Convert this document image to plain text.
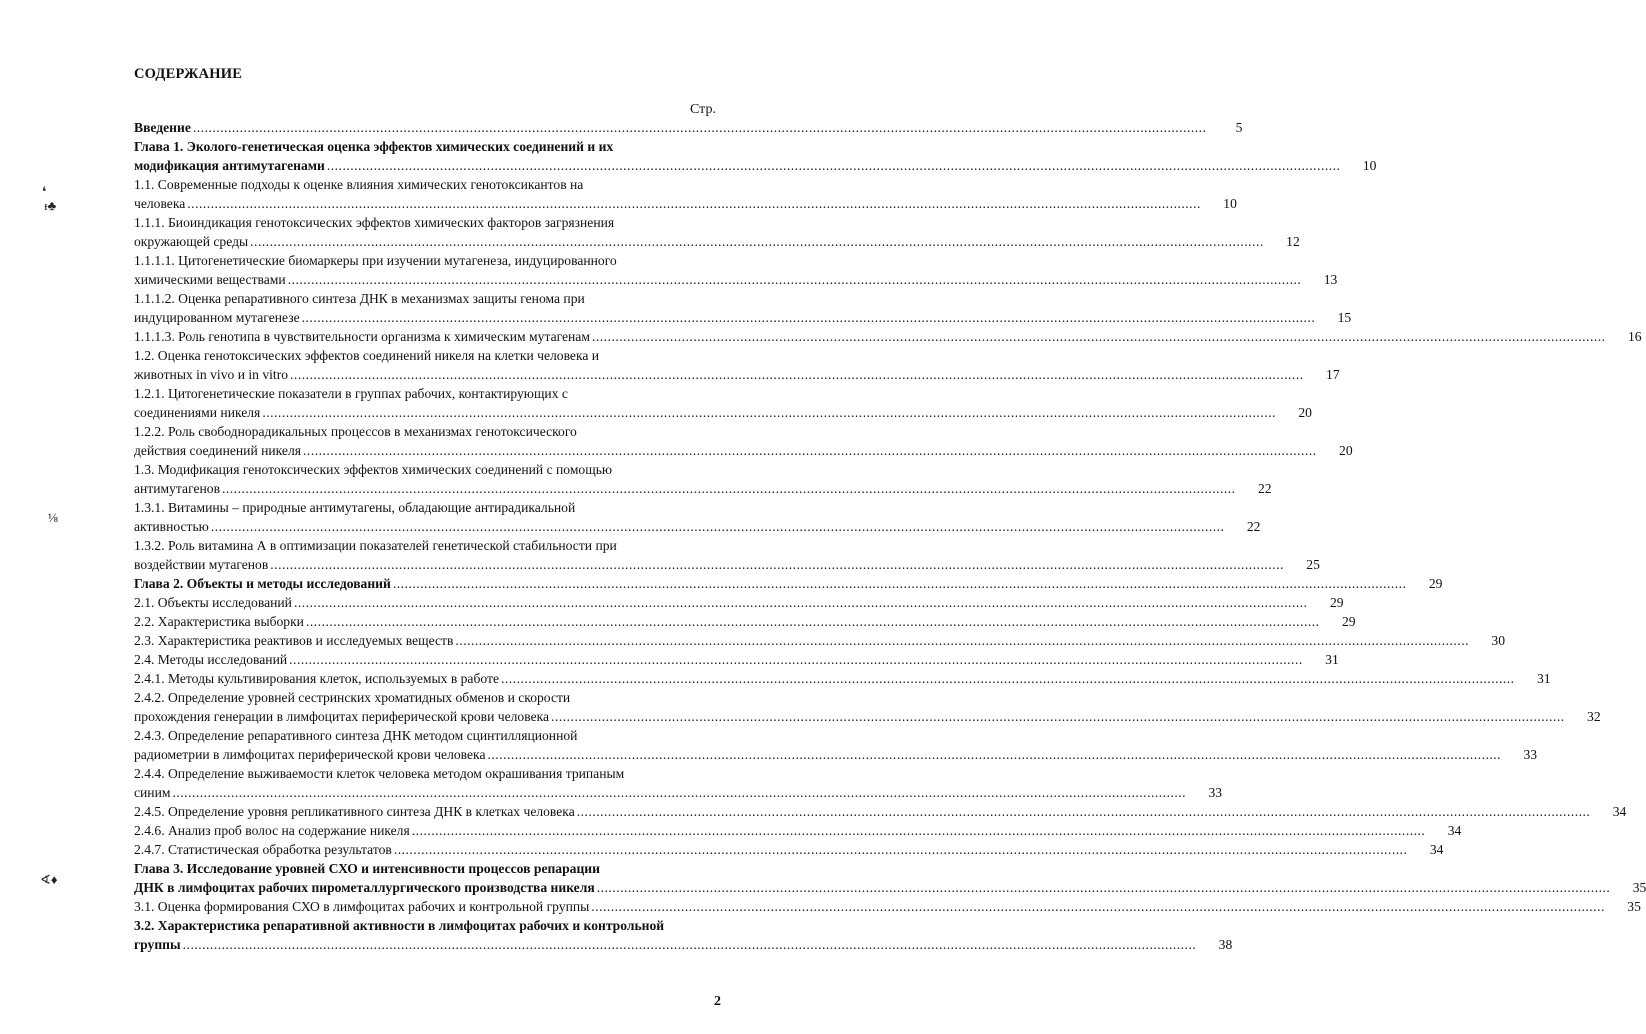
СОДЕРЖАНИЕ
Стр.
Введение ....................................................................................................................................................................................................................................................................	5
Глава 1. Эколого-генетическая оценка эффектов химических соединений и их
модификация антимутагенами ....................................................................................................................................................................................................................................................................	10
1.1. Современные подходы к оценке влияния химических генотоксикантов на
человека ....................................................................................................................................................................................................................................................................	10
1.1.1. Биоиндикация генотоксических эффектов химических факторов загрязнения
окружающей среды ....................................................................................................................................................................................................................................................................	12
1.1.1.1. Цитогенетические биомаркеры при изучении мутагенеза, индуцированного
химическими веществами ....................................................................................................................................................................................................................................................................	13
1.1.1.2. Оценка репаративного синтеза ДНК в механизмах защиты генома при
индуцированном мутагенезе ....................................................................................................................................................................................................................................................................	15
1.1.1.3. Роль генотипа в чувствительности организма к химическим мутагенам ....................................................................................................................................................................................................................................................................	16
1.2. Оценка генотоксических эффектов соединений никеля на клетки человека и
животных in vivo и in vitro ....................................................................................................................................................................................................................................................................	17
1.2.1. Цитогенетические показатели в группах рабочих, контактирующих с
соединениями никеля ....................................................................................................................................................................................................................................................................	20
1.2.2. Роль свободнорадикальных процессов в механизмах генотоксического
действия соединений никеля ....................................................................................................................................................................................................................................................................	20
1.3. Модификация генотоксических эффектов химических соединений с помощью
антимутагенов ....................................................................................................................................................................................................................................................................	22
1.3.1. Витамины – природные антимутагены, обладающие антирадикальной
активностью ....................................................................................................................................................................................................................................................................	22
1.3.2. Роль витамина А в оптимизации показателей генетической стабильности при
воздействии мутагенов ....................................................................................................................................................................................................................................................................	25
Глава 2. Объекты и методы исследований ....................................................................................................................................................................................................................................................................	29
2.1. Объекты исследований ....................................................................................................................................................................................................................................................................	29
2.2. Характеристика выборки ....................................................................................................................................................................................................................................................................	29
2.3. Характеристика реактивов и исследуемых веществ ....................................................................................................................................................................................................................................................................	30
2.4. Методы исследований ....................................................................................................................................................................................................................................................................	31
2.4.1. Методы культивирования клеток, используемых в работе ....................................................................................................................................................................................................................................................................	31
2.4.2. Определение уровней сестринских хроматидных обменов и скорости
прохождения генерации в лимфоцитах периферической крови человека ....................................................................................................................................................................................................................................................................	32
2.4.3. Определение репаративного синтеза ДНК методом сцинтилляционной
радиометрии в лимфоцитах периферической крови человека ....................................................................................................................................................................................................................................................................	33
2.4.4. Определение выживаемости клеток человека методом окрашивания трипаным
синим ....................................................................................................................................................................................................................................................................	33
2.4.5. Определение уровня репликативного синтеза ДНК в клетках человека ....................................................................................................................................................................................................................................................................	34
2.4.6. Анализ проб волос на содержание никеля ....................................................................................................................................................................................................................................................................	34
2.4.7. Статистическая обработка результатов ....................................................................................................................................................................................................................................................................	34
Глава 3. Исследование уровней СХО и интенсивности процессов репарации
ДНК в лимфоцитах рабочих пирометаллургического производства никеля ....................................................................................................................................................................................................................................................................	35
3.1. Оценка формирования СХО в лимфоцитах рабочих и контрольной группы ....................................................................................................................................................................................................................................................................	35
3.2. Характеристика репаративной активности в лимфоцитах рабочих и контрольной
группы ....................................................................................................................................................................................................................................................................	38
❛
ᵻ♣
⅛
∢♦
2
